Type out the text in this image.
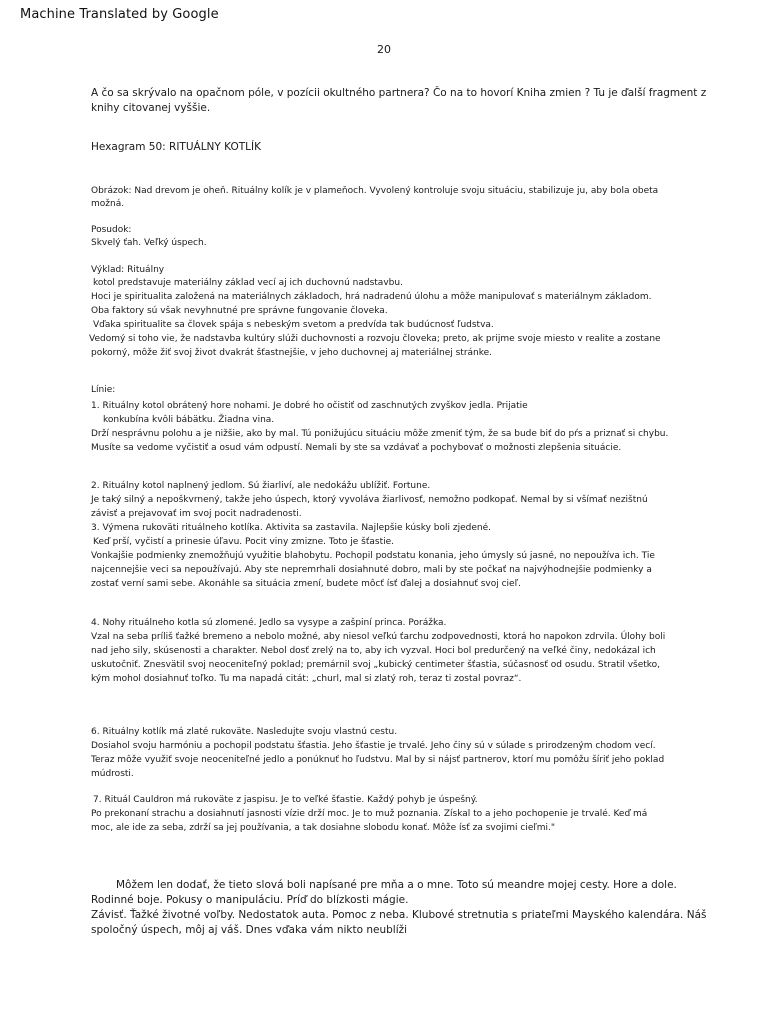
Machine Translated by Google
20
A čo sa skrývalo na opačnom póle, v pozícii okultného partnera? Čo na to hovorí Kniha zmien ? Tu je ďalší fragment z
knihy citovanej vyššie.
Hexagram 50: RITUÁLNY KOTLÍK
Obrázok: Nad drevom je oheň. Rituálny kolík je v plameňoch. Vyvolený kontroluje svoju situáciu, stabilizuje ju, aby bola obeta
možná.
Posudok:
Skvelý ťah. Veľký úspech.
Výklad: Rituálny
kotol predstavuje materiálny základ vecí aj ich duchovnú nadstavbu.
Hoci je spiritualita založená na materiálnych základoch, hrá nadradenú úlohu a môže manipulovať s materiálnym základom.
Oba faktory sú však nevyhnutné pre správne fungovanie človeka.
Vďaka spiritualite sa človek spája s nebeským svetom a predvída tak budúcnosť ľudstva.
Vedomý si toho vie, že nadstavba kultúry slúži duchovnosti a rozvoju človeka; preto, ak prijme svoje miesto v realite a zostane
pokorný, môže žiť svoj život dvakrát šťastnejšie, v jeho duchovnej aj materiálnej stránke.
Línie:
1. Rituálny kotol obrátený hore nohami. Je dobré ho očistiť od zaschnutých zvyškov jedla. Prijatie
konkubína kvôli bábätku. Žiadna vina.
Drží nesprávnu polohu a je nižšie, ako by mal. Tú ponižujúcu situáciu môže zmeniť tým, že sa bude biť do pŕs a priznať si chybu.
Musíte sa vedome vyčistiť a osud vám odpustí. Nemali by ste sa vzdávať a pochybovať o možnosti zlepšenia situácie.
2. Rituálny kotol naplnený jedlom. Sú žiarliví, ale nedokážu ublížiť. Fortune.
Je taký silný a nepoškvrnený, takže jeho úspech, ktorý vyvoláva žiarlivosť, nemožno podkopať. Nemal by si všímať nezištnú
závisť a prejavovať im svoj pocit nadradenosti.
3. Výmena rukoväti rituálneho kotlíka. Aktivita sa zastavila. Najlepšie kúsky boli zjedené.
Keď prší, vyčistí a prinesie úľavu. Pocit viny zmizne. Toto je šťastie.
Vonkajšie podmienky znemožňujú využitie blahobytu. Pochopil podstatu konania, jeho úmysly sú jasné, no nepoužíva ich. Tie
najcennejšie veci sa nepoužívajú. Aby ste nepremrhali dosiahnuté dobro, mali by ste počkať na najvýhodnejšie podmienky a
zostať verní sami sebe. Akonáhle sa situácia zmení, budete môcť ísť ďalej a dosiahnuť svoj cieľ.
4. Nohy rituálneho kotla sú zlomené. Jedlo sa vysype a zašpiní princa. Porážka.
Vzal na seba príliš ťažké bremeno a nebolo možné, aby niesol veľkú ťarchu zodpovednosti, ktorá ho napokon zdrvila. Úlohy boli
nad jeho sily, skúsenosti a charakter. Nebol dosť zrelý na to, aby ich vyzval. Hoci bol predurčený na veľké činy, nedokázal ich
uskutočniť. Znesvätil svoj neoceniteľný poklad; premárnil svoj „kubický centimeter šťastia, súčasnosť od osudu. Stratil všetko,
kým mohol dosiahnuť toľko. Tu ma napadá citát: „churl, mal si zlatý roh, teraz ti zostal povraz“.
6. Rituálny kotlík má zlaté rukoväte. Nasledujte svoju vlastnú cestu.
Dosiahol svoju harmóniu a pochopil podstatu šťastia. Jeho šťastie je trvalé. Jeho činy sú v súlade s prirodzeným chodom vecí.
Teraz môže využiť svoje neoceniteľné jedlo a ponúknuť ho ľudstvu. Mal by si nájsť partnerov, ktorí mu pomôžu šíriť jeho poklad
múdrosti.
7. Rituál Cauldron má rukoväte z jaspisu. Je to veľké šťastie. Každý pohyb je úspešný.
Po prekonaní strachu a dosiahnutí jasnosti vízie drží moc. Je to muž poznania. Získal to a jeho pochopenie je trvalé. Keď má
moc, ale ide za seba, zdrží sa jej používania, a tak dosiahne slobodu konať. Môže ísť za svojimi cieľmi."
Môžem len dodať, že tieto slová boli napísané pre mňa a o mne. Toto sú meandre mojej cesty. Hore a dole.
Rodinné boje. Pokusy o manipuláciu. Príď do blízkosti mágie.
Závisť. Ťažké životné voľby. Nedostatok auta. Pomoc z neba. Klubové stretnutia s priateľmi Mayského kalendára. Náš
spoločný úspech, môj aj váš. Dnes vďaka vám nikto neublíži
